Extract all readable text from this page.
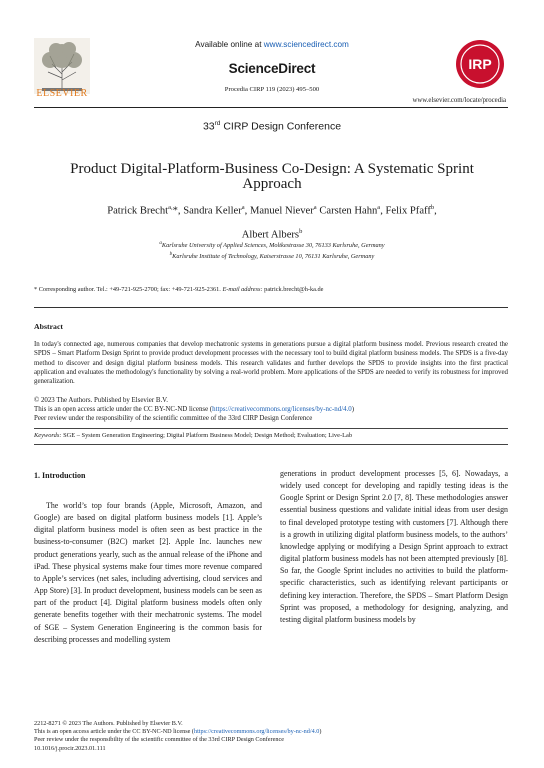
ELSEVIER
Available online at www.sciencedirect.com
ScienceDirect
Procedia CIRP 119 (2023) 495–500
IRP
www.elsevier.com/locate/procedia
33rd CIRP Design Conference
Product Digital-Platform-Business Co-Design: A Systematic Sprint Approach
Patrick Brecht$^{a,}$*, Sandra Keller$^a$, Manuel Niever$^a$ Carsten Hahn$^a$, Felix Pfaff$^b$,
Albert Albers$^b$
$^a$Karlsruhe University of Applied Sciences, Moltkestrasse 30, 76133 Karlsruhe, Germany
$^b$Karlsruhe Institute of Technology, Kaiserstrasse 10, 76131 Karlsruhe, Germany
* Corresponding author. Tel.: +49-721-925-2700; fax: +49-721-925-2361. E-mail address: patrick.brecht@h-ka.de
Abstract
In today's connected age, numerous companies that develop mechatronic systems in generations pursue a digital platform business model. Previous research created the SPDS – Smart Platform Design Sprint to provide product development processes with the necessary tool to build digital platform business models. The SPDS is a five-day method to discover and design digital platform business models. This research validates and further develops the SPDS to provide insights into the first practical application and evaluates the methodology's functionality by solving a real-world problem. More applications of the SPDS are needed to verify its robustness for improved generalization.
© 2023 The Authors. Published by Elsevier B.V.
This is an open access article under the CC BY-NC-ND license (https://creativecommons.org/licenses/by-nc-nd/4.0)
Peer review under the responsibility of the scientific committee of the 33rd CIRP Design Conference
Keywords: SGE – System Generation Engineering; Digital Platform Business Model; Design Method; Evaluation; Live-Lab
1. Introduction
The world’s top four brands (Apple, Microsoft, Amazon, and Google) are based on digital platform business models [1]. Apple’s digital platform business model is often seen as best practice in the business-to-consumer (B2C) market [2]. Apple Inc. launches new product generations yearly, such as the annual release of the iPhone and iPad. These physical systems make four times more revenue compared to Apple’s services (net sales, including advertising, cloud services and App Store) [3]. In product development, business models can be seen as part of the product [4]. Digital platform business models often only generate benefits together with their mechatronic systems. The model of SGE – System Generation Engineering is the common basis for describing processes and modelling system
generations in product development processes [5, 6]. Nowadays, a widely used concept for developing and rapidly testing ideas is the Google Sprint or Design Sprint 2.0 [7, 8]. These methodologies answer essential business questions and validate initial ideas from user design to final developed prototype testing with customers [7]. Although there is a growth in utilizing digital platform business models, to the authors’ knowledge applying or modifying a Design Sprint approach to extract digital platform business models has not been attempted previously [8]. So far, the Google Sprint includes no activities to build the platform-specific characteristics, such as identifying relevant participants or defining key interaction. Therefore, the SPDS – Smart Platform Design Sprint was proposed, a methodology for designing, analyzing, and testing digital platform business models by
2212-8271 © 2023 The Authors. Published by Elsevier B.V.
This is an open access article under the CC BY-NC-ND license (https://creativecommons.org/licenses/by-nc-nd/4.0)
Peer review under the responsibility of the scientific committee of the 33rd CIRP Design Conference
10.1016/j.procir.2023.01.111
